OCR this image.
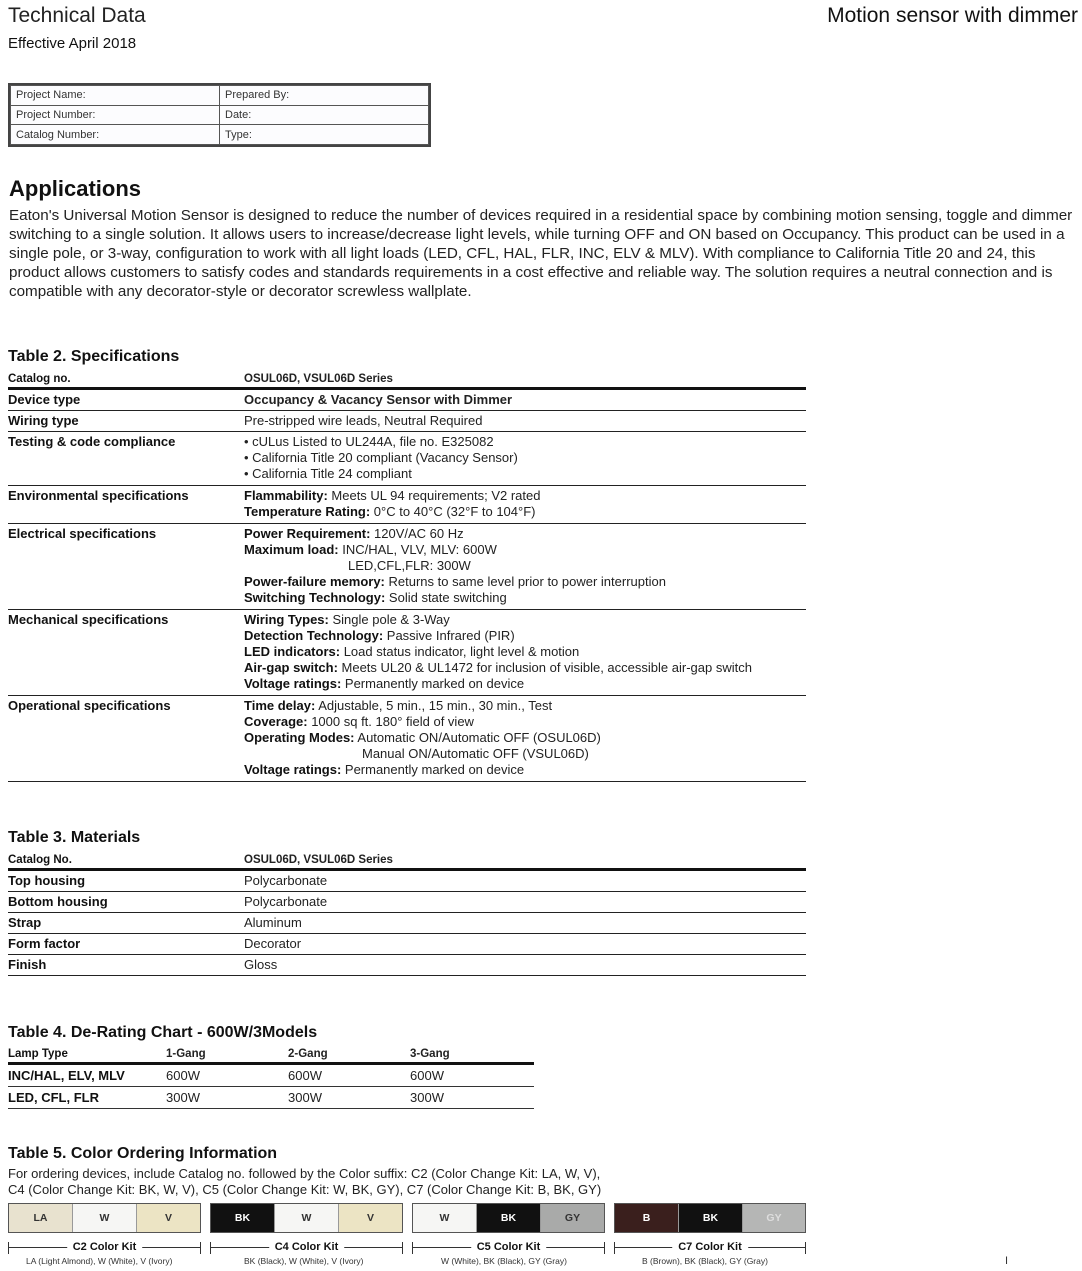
Technical Data
Effective April 2018
Motion sensor with dimmer
Project Name:	Prepared By:
Project Number:	Date:
Catalog Number:	Type:
Applications
Eaton's Universal Motion Sensor is designed to reduce the number of devices required in a residential space by combining motion sensing, toggle and dimmer switching to a single solution. It allows users to increase/decrease light levels, while turning OFF and ON based on Occupancy. This product can be used in a single pole, or 3-way, configuration to work with all light loads (LED, CFL, HAL, FLR, INC, ELV & MLV). With compliance to California Title 20 and 24, this product allows customers to satisfy codes and standards requirements in a cost effective and reliable way. The solution requires a neutral connection and is compatible with any decorator-style or decorator screwless wallplate.
Table 2. Specifications
Catalog no.	OSUL06D, VSUL06D Series
Device type	Occupancy & Vacancy Sensor with Dimmer
Wiring type	Pre-stripped wire leads, Neutral Required
Testing & code compliance	• cULus Listed to UL244A, file no. E325082
• California Title 20 compliant (Vacancy Sensor)
• California Title 24 compliant

Environmental specifications	Flammability: Meets UL 94 requirements; V2 rated
Temperature Rating: 0°C to 40°C (32°F to 104°F)

Electrical specifications	Power Requirement: 120V/AC 60 Hz
Maximum load: INC/HAL, VLV, MLV: 600W
LED,CFL,FLR: 300W
Power-failure memory: Returns to same level prior to power interruption
Switching Technology: Solid state switching

Mechanical specifications	Wiring Types: Single pole & 3-Way
Detection Technology: Passive Infrared (PIR)
LED indicators: Load status indicator, light level & motion
Air-gap switch: Meets UL20 & UL1472 for inclusion of visible, accessible air-gap switch
Voltage ratings: Permanently marked on device

Operational specifications	Time delay: Adjustable, 5 min., 15 min., 30 min., Test
Coverage: 1000 sq ft. 180° field of view
Operating Modes: Automatic ON/Automatic OFF (OSUL06D)
Manual ON/Automatic OFF (VSUL06D)
Voltage ratings: Permanently marked on device
Table 3. Materials
Catalog No.	OSUL06D, VSUL06D Series
Top housing	Polycarbonate
Bottom housing	Polycarbonate
Strap	Aluminum
Form factor	Decorator
Finish	Gloss
Table 4. De-Rating Chart - 600W/3Models
Lamp Type	1-Gang	2-Gang	3-Gang
INC/HAL, ELV, MLV	600W	600W	600W
LED, CFL, FLR	300W	300W	300W
Table 5. Color Ordering Information
For ordering devices, include Catalog no. followed by the Color suffix: C2 (Color Change Kit: LA, W, V),
C4 (Color Change Kit: BK, W, V), C5 (Color Change Kit: W, BK, GY), C7 (Color Change Kit: B, BK, GY)
LA	W	V
C2 Color Kit
LA (Light Almond), W (White), V (Ivory)
BK	W	V
C4 Color Kit
BK (Black), W (White), V (Ivory)
W	BK	GY
C5 Color Kit
W (White), BK (Black), GY (Gray)
B	BK	GY
C7 Color Kit
B (Brown), BK (Black), GY (Gray)	I
